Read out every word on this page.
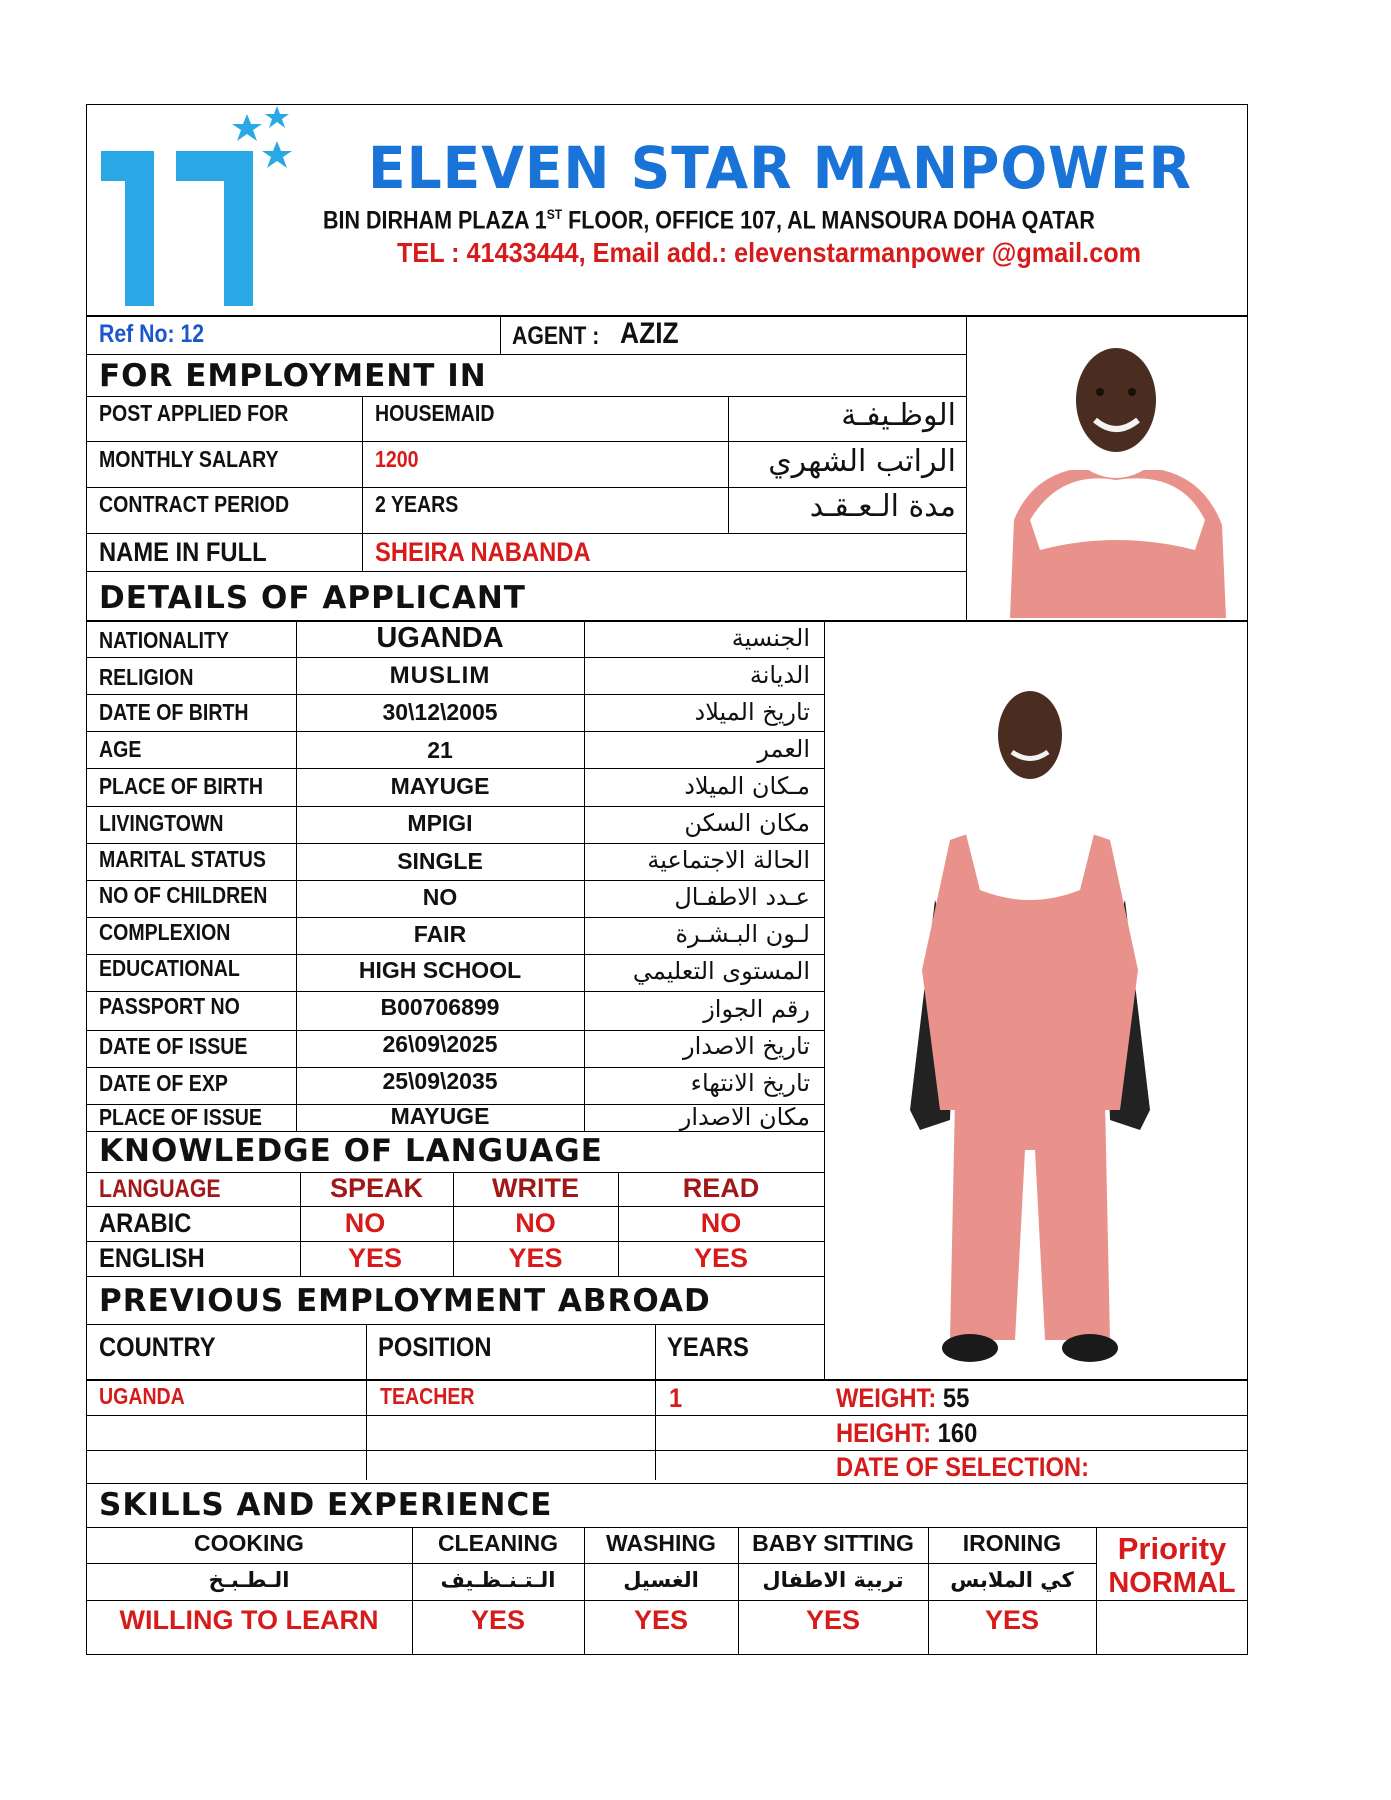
ELEVEN STAR MANPOWER
BIN DIRHAM PLAZA 1ST FLOOR, OFFICE 107, AL MANSOURA DOHA QATAR
TEL : 41433444, Email add.: elevenstarmanpower @gmail.com
Ref No: 12	AGENT : AZIZ
FOR EMPLOYMENT IN
POST APPLIED FOR	HOUSEMAID	الوظـيفـة
MONTHLY SALARY	1200	الراتب الشهري
CONTRACT PERIOD	2 YEARS	مدة الـعـقـد
NAME IN FULL	SHEIRA NABANDA
DETAILS OF APPLICANT
NATIONALITY	UGANDA	الجنسية
RELIGION	MUSLIM	الديانة
DATE OF BIRTH	30\12\2005	تاريخ الميلاد
AGE	21	العمر
PLACE OF BIRTH	MAYUGE	مـكان الميلاد
LIVINGTOWN	MPIGI	مكان السكن
MARITAL STATUS	SINGLE	الحالة الاجتماعية
NO OF CHILDREN	NO	عـدد الاطفـال
COMPLEXION	FAIR	لـون البـشـرة
EDUCATIONAL	HIGH SCHOOL	المستوى التعليمي
PASSPORT NO	B00706899	رقم الجواز
DATE OF ISSUE	26\09\2025	تاريخ الاصدار
DATE OF EXP	25\09\2035	تاريخ الانتهاء
PLACE OF ISSUE	MAYUGE	مكان الاصدار
KNOWLEDGE OF LANGUAGE
LANGUAGE	SPEAK	WRITE	READ
ARABIC	NO	NO	NO
ENGLISH	YES	YES	YES
PREVIOUS EMPLOYMENT ABROAD
COUNTRY	POSITION	YEARS
UGANDA	TEACHER	1	WEIGHT: 55
HEIGHT: 160
DATE OF SELECTION:
SKILLS AND EXPERIENCE
COOKING	CLEANING	WASHING	BABY SITTING	IRONING
الـطـبـخ	الـتـنـظـيف	الغسيل	تربية الاطفال	كي الملابس
WILLING TO LEARN	YES	YES	YES	YES
Priority
NORMAL
